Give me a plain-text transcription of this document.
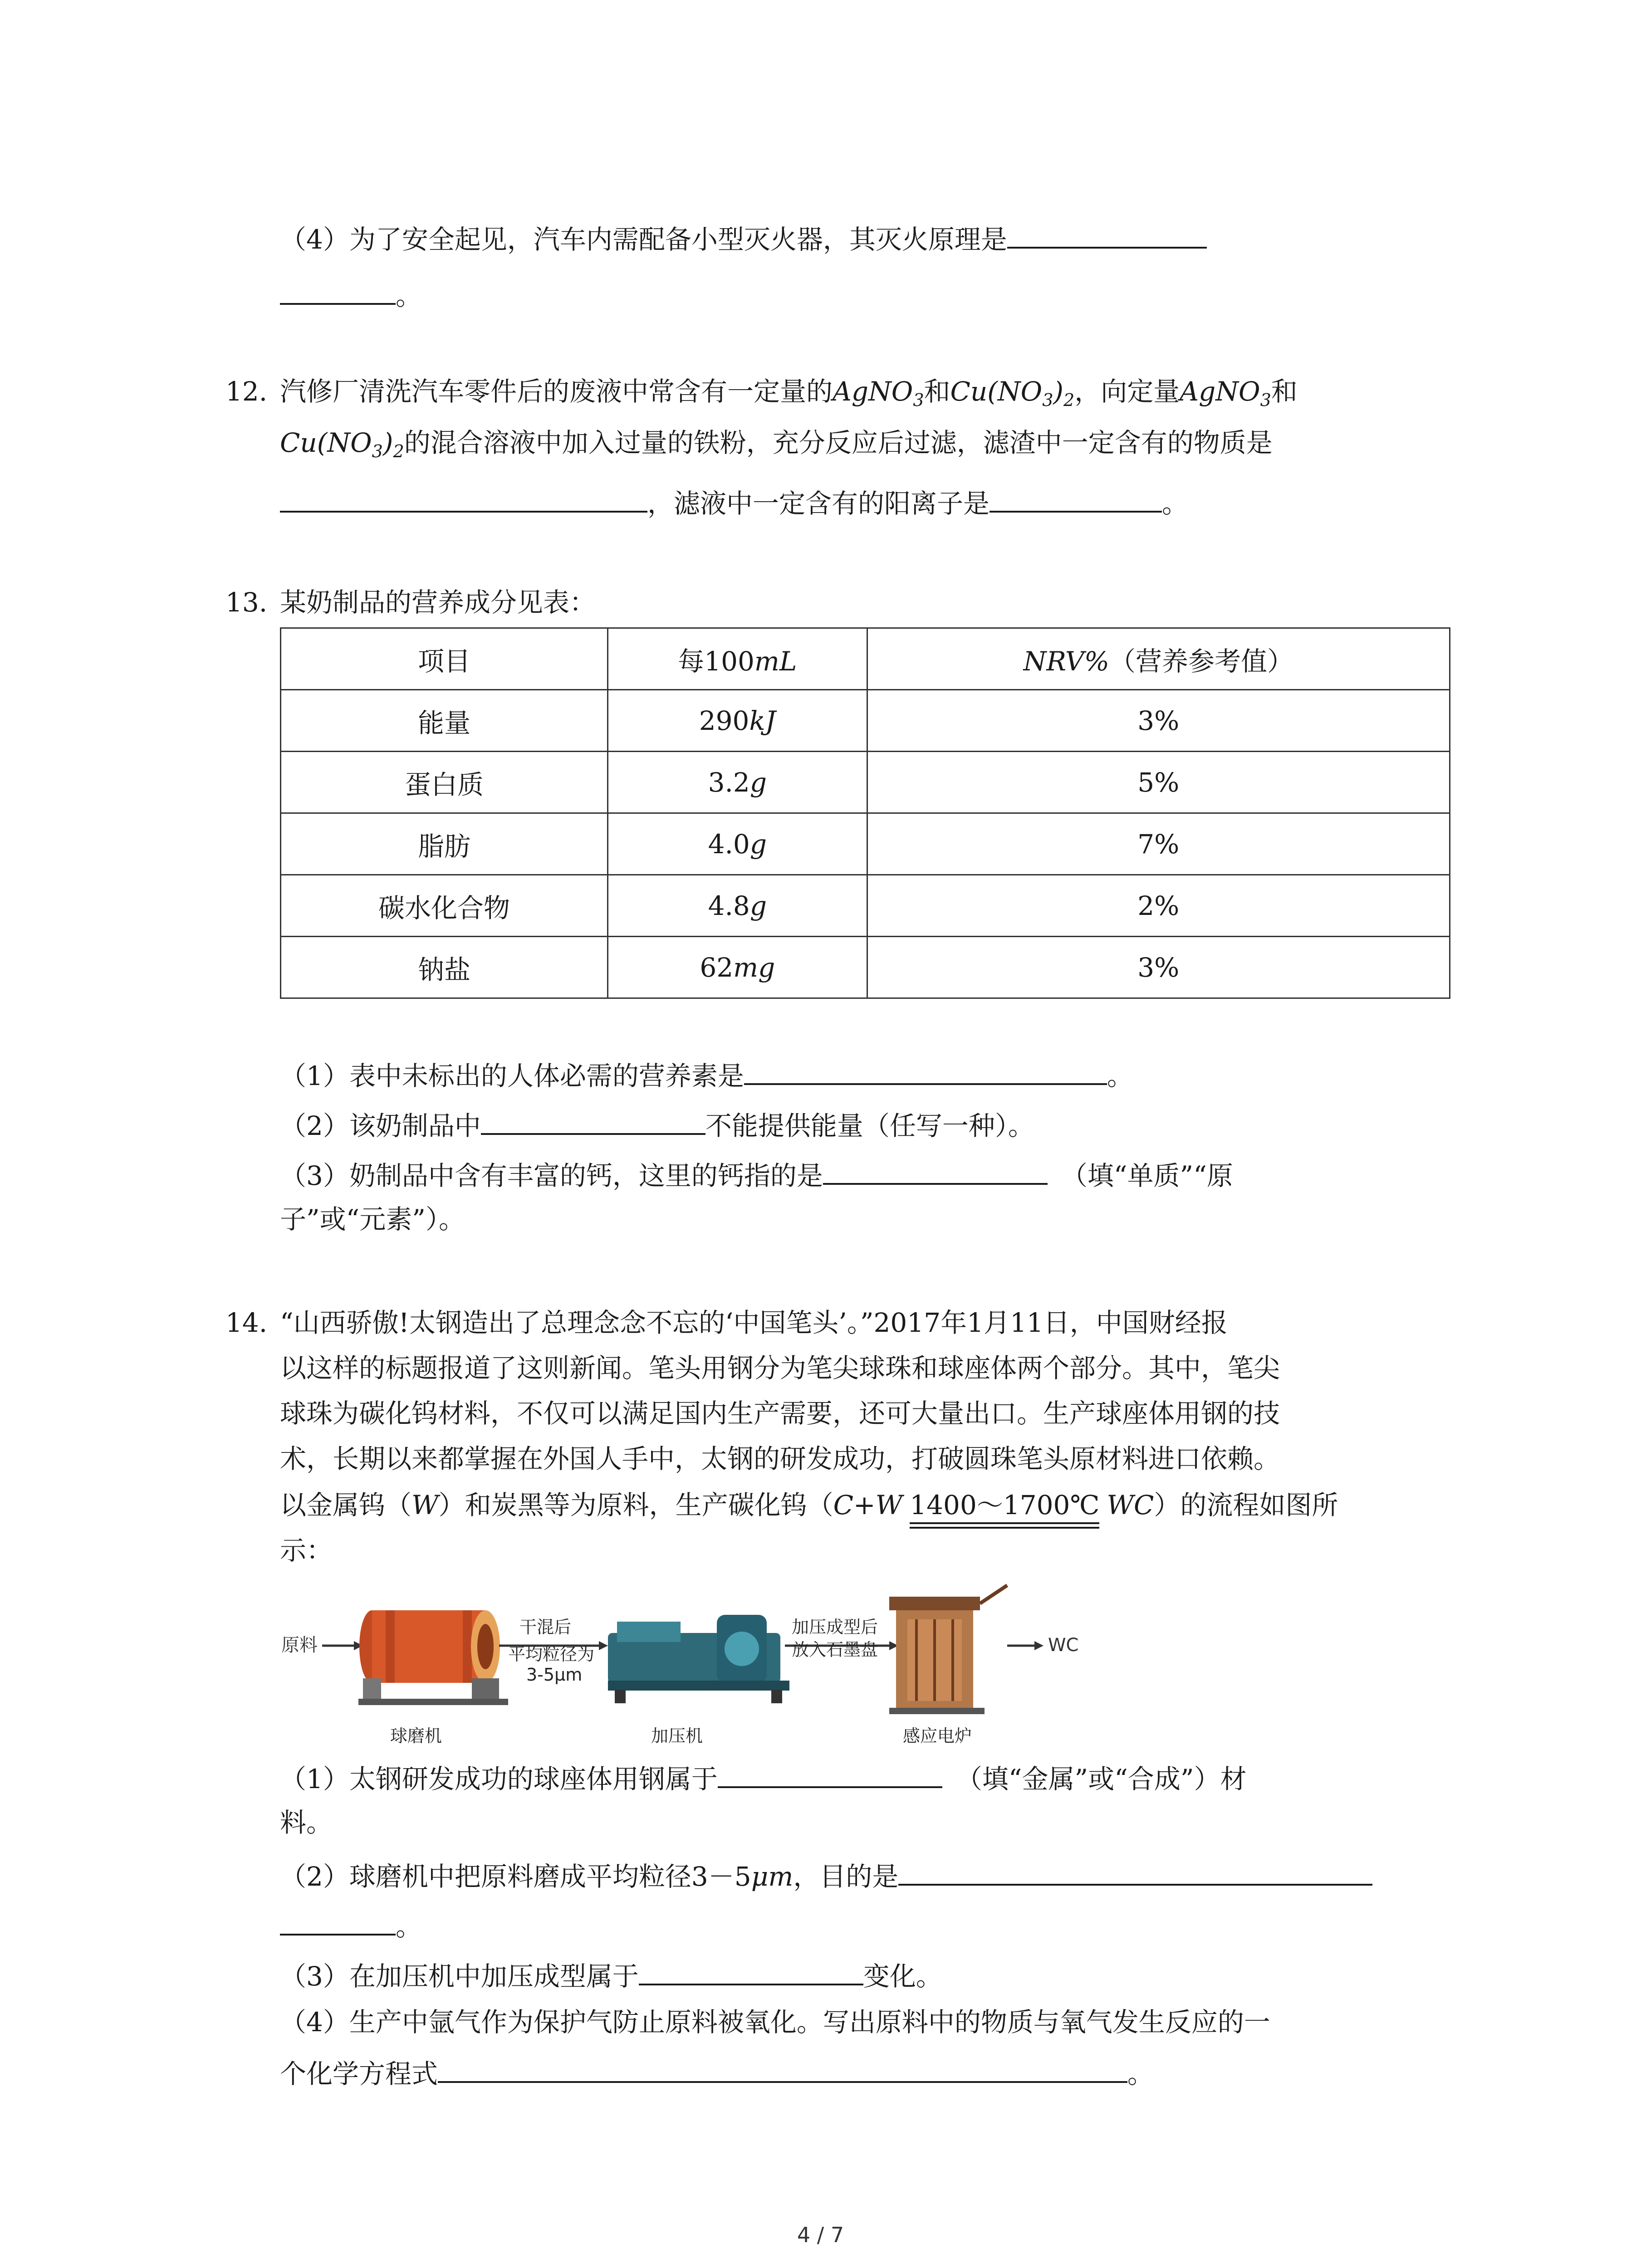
（4）为了安全起见，汽车内需配备小型灭火器，其灭火原理是
。
12. 汽修厂清洗汽车零件后的废液中常含有一定量的AgNO$_3$和$Cu(NO_3)_2$，向定量AgNO$_3$和
$Cu(NO_3)_2$的混合溶液中加入过量的铁粉，充分反应后过滤，滤渣中一定含有的物质是
，滤液中一定含有的阳离子是	。
13. 某奶制品的营养成分见表：
项目	每100mL	NRV%（营养参考值）
能量	290kJ	3%
蛋白质	3.2g	5%
脂肪	4.0g	7%
碳水化合物	4.8g	2%
钠盐	62mg	3%
（1）表中未标出的人体必需的营养素是	。
（2）该奶制品中	不能提供能量（任写一种）。
（3）奶制品中含有丰富的钙，这里的钙指的是	（填“单质”“原
子”或“元素”）。
14. “山西骄傲!太钢造出了总理念念不忘的‘中国笔头’。”2017年1月11日，中国财经报
以这样的标题报道了这则新闻。笔头用钢分为笔尖球珠和球座体两个部分。其中，笔尖
球珠为碳化钨材料，不仅可以满足国内生产需要，还可大量出口。生产球座体用钢的技
术，长期以来都掌握在外国人手中，太钢的研发成功，打破圆珠笔头原材料进口依赖。
以金属钨（W）和炭黑等为原料，生产碳化钨（C+W 1400～1700℃ WC）的流程如图所
示：
原料
干混后
平均粒径为
3-5μm
加压成型后
放入石墨盘	WC
球磨机	加压机	感应电炉
（1）太钢研发成功的球座体用钢属于	（填“金属”或“合成”）材
料。
（2）球磨机中把原料磨成平均粒径3－5μm，目的是
。
（3）在加压机中加压成型属于	变化。
（4）生产中氩气作为保护气防止原料被氧化。写出原料中的物质与氧气发生反应的一
个化学方程式	。
4 / 7
